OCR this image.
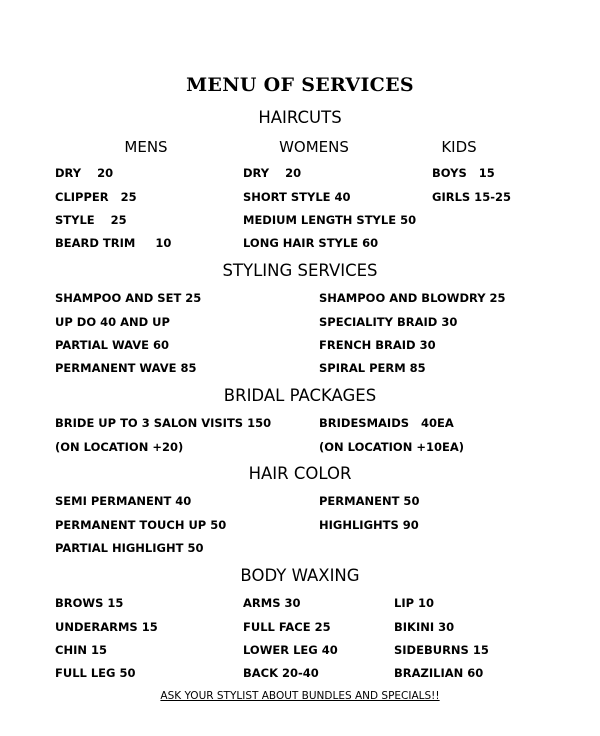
MENU OF SERVICES
HAIRCUTS
MENS	WOMENS	KIDS
DRY    20
CLIPPER   25
STYLE    25
BEARD TRIM     10
DRY    20
SHORT STYLE 40
MEDIUM LENGTH STYLE 50
LONG HAIR STYLE 60
BOYS   15
GIRLS 15-25
STYLING SERVICES
SHAMPOO AND SET 25
UP DO 40 AND UP
PARTIAL WAVE 60
PERMANENT WAVE 85
SHAMPOO AND BLOWDRY 25
SPECIALITY BRAID 30
FRENCH BRAID 30
SPIRAL PERM 85
BRIDAL PACKAGES
BRIDE UP TO 3 SALON VISITS 150
(ON LOCATION +20)
BRIDESMAIDS   40EA
(ON LOCATION +10EA)
HAIR COLOR
SEMI PERMANENT 40
PERMANENT TOUCH UP 50
PARTIAL HIGHLIGHT 50
PERMANENT 50
HIGHLIGHTS 90
BODY WAXING
BROWS 15
UNDERARMS 15
CHIN 15
FULL LEG 50
ARMS 30
FULL FACE 25
LOWER LEG 40
BACK 20-40
LIP 10
BIKINI 30
SIDEBURNS 15
BRAZILIAN 60
ASK YOUR STYLIST ABOUT BUNDLES AND SPECIALS!!
